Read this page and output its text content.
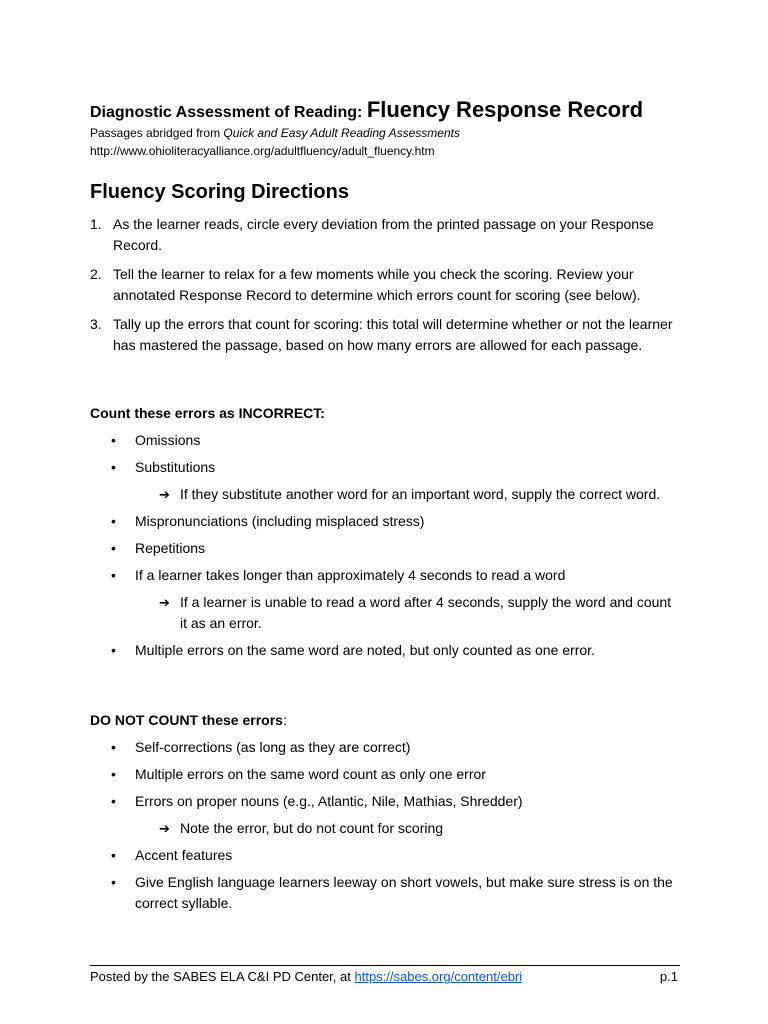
Diagnostic Assessment of Reading: Fluency Response Record
Passages abridged from Quick and Easy Adult Reading Assessments
http://www.ohioliteracyalliance.org/adultfluency/adult_fluency.htm
Fluency Scoring Directions
1. As the learner reads, circle every deviation from the printed passage on your Response Record.
2. Tell the learner to relax for a few moments while you check the scoring. Review your annotated Response Record to determine which errors count for scoring (see below).
3. Tally up the errors that count for scoring: this total will determine whether or not the learner has mastered the passage, based on how many errors are allowed for each passage.
Count these errors as INCORRECT:
• Omissions
• Substitutions
➔ If they substitute another word for an important word, supply the correct word.
• Mispronunciations (including misplaced stress)
• Repetitions
• If a learner takes longer than approximately 4 seconds to read a word
➔ If a learner is unable to read a word after 4 seconds, supply the word and count it as an error.
• Multiple errors on the same word are noted, but only counted as one error.
DO NOT COUNT these errors:
• Self-corrections (as long as they are correct)
• Multiple errors on the same word count as only one error
• Errors on proper nouns (e.g., Atlantic, Nile, Mathias, Shredder)
➔ Note the error, but do not count for scoring
• Accent features
• Give English language learners leeway on short vowels, but make sure stress is on the correct syllable.
Posted by the SABES ELA C&I PD Center, at https://sabes.org/content/ebri	p.1
